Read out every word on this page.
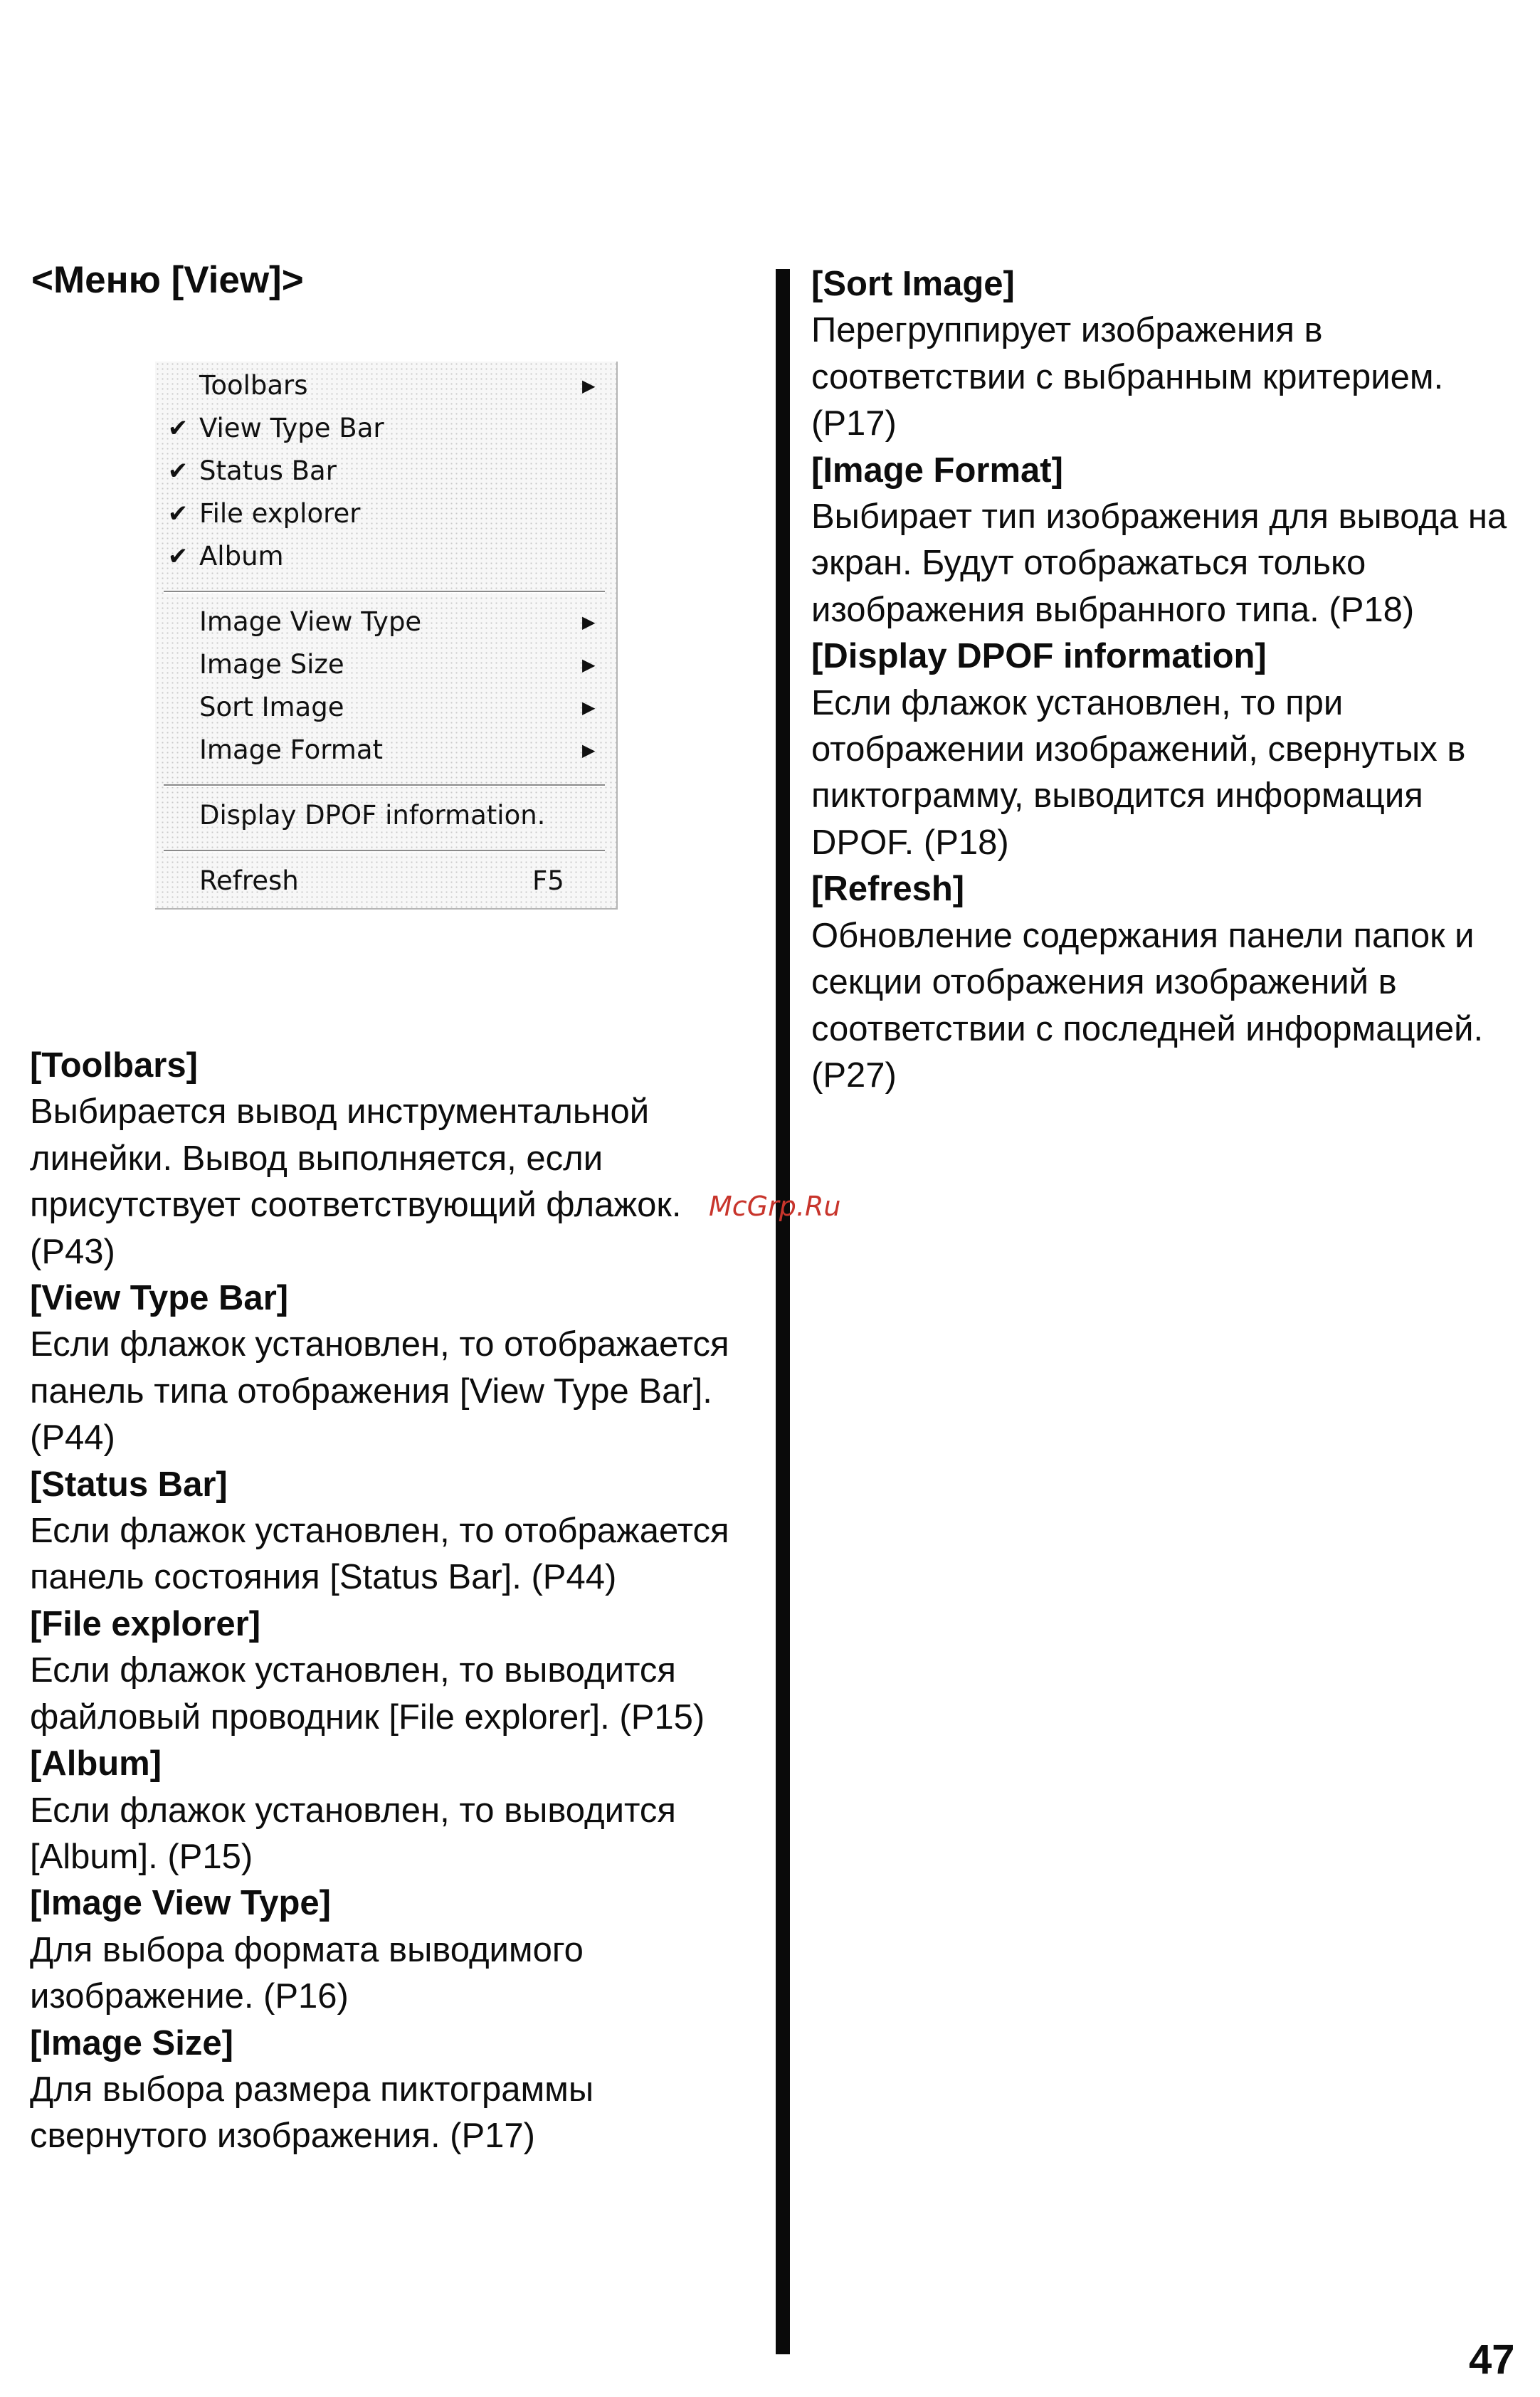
<Меню [View]>
Toolbars	▶
✔ View Type Bar
✔ Status Bar
✔ File explorer
✔ Album
Image View Type	▶
Image Size	▶
Sort Image	▶
Image Format	▶
Display DPOF information.
Refresh	F5

[Toolbars]

Выбирается вывод инструментальной линейки. Вывод выполняется, если присутствует соответствующий флажок. (P43)

[View Type Bar]

Если флажок установлен, то отображается панель типа отображения [View Type Bar]. (P44)

[Status Bar]

Если флажок установлен, то отображается панель состояния [Status Bar]. (P44)

[File explorer]

Если флажок установлен, то выводится файловый проводник [File explorer]. (P15)

[Album]

Если флажок установлен, то выводится [Album]. (P15)

[Image View Type]

Для выбора формата выводимого изображение. (P16)

[Image Size]

Для выбора размера пиктограммы свернутого изображения. (P17)

[Sort Image]

Перегруппирует изображения в соответствии с выбранным критерием. (P17)

[Image Format]

Выбирает тип изображения для вывода на экран. Будут отображаться только изображения выбранного типа. (P18)

[Display DPOF information]

Если флажок установлен, то при отображении изображений, свернутых в пиктограмму, выводится информация DPOF. (P18)

[Refresh]

Обновление содержания панели папок и секции отображения изображений в соответствии с последней информацией. (P27)

McGrp.Ru
47
